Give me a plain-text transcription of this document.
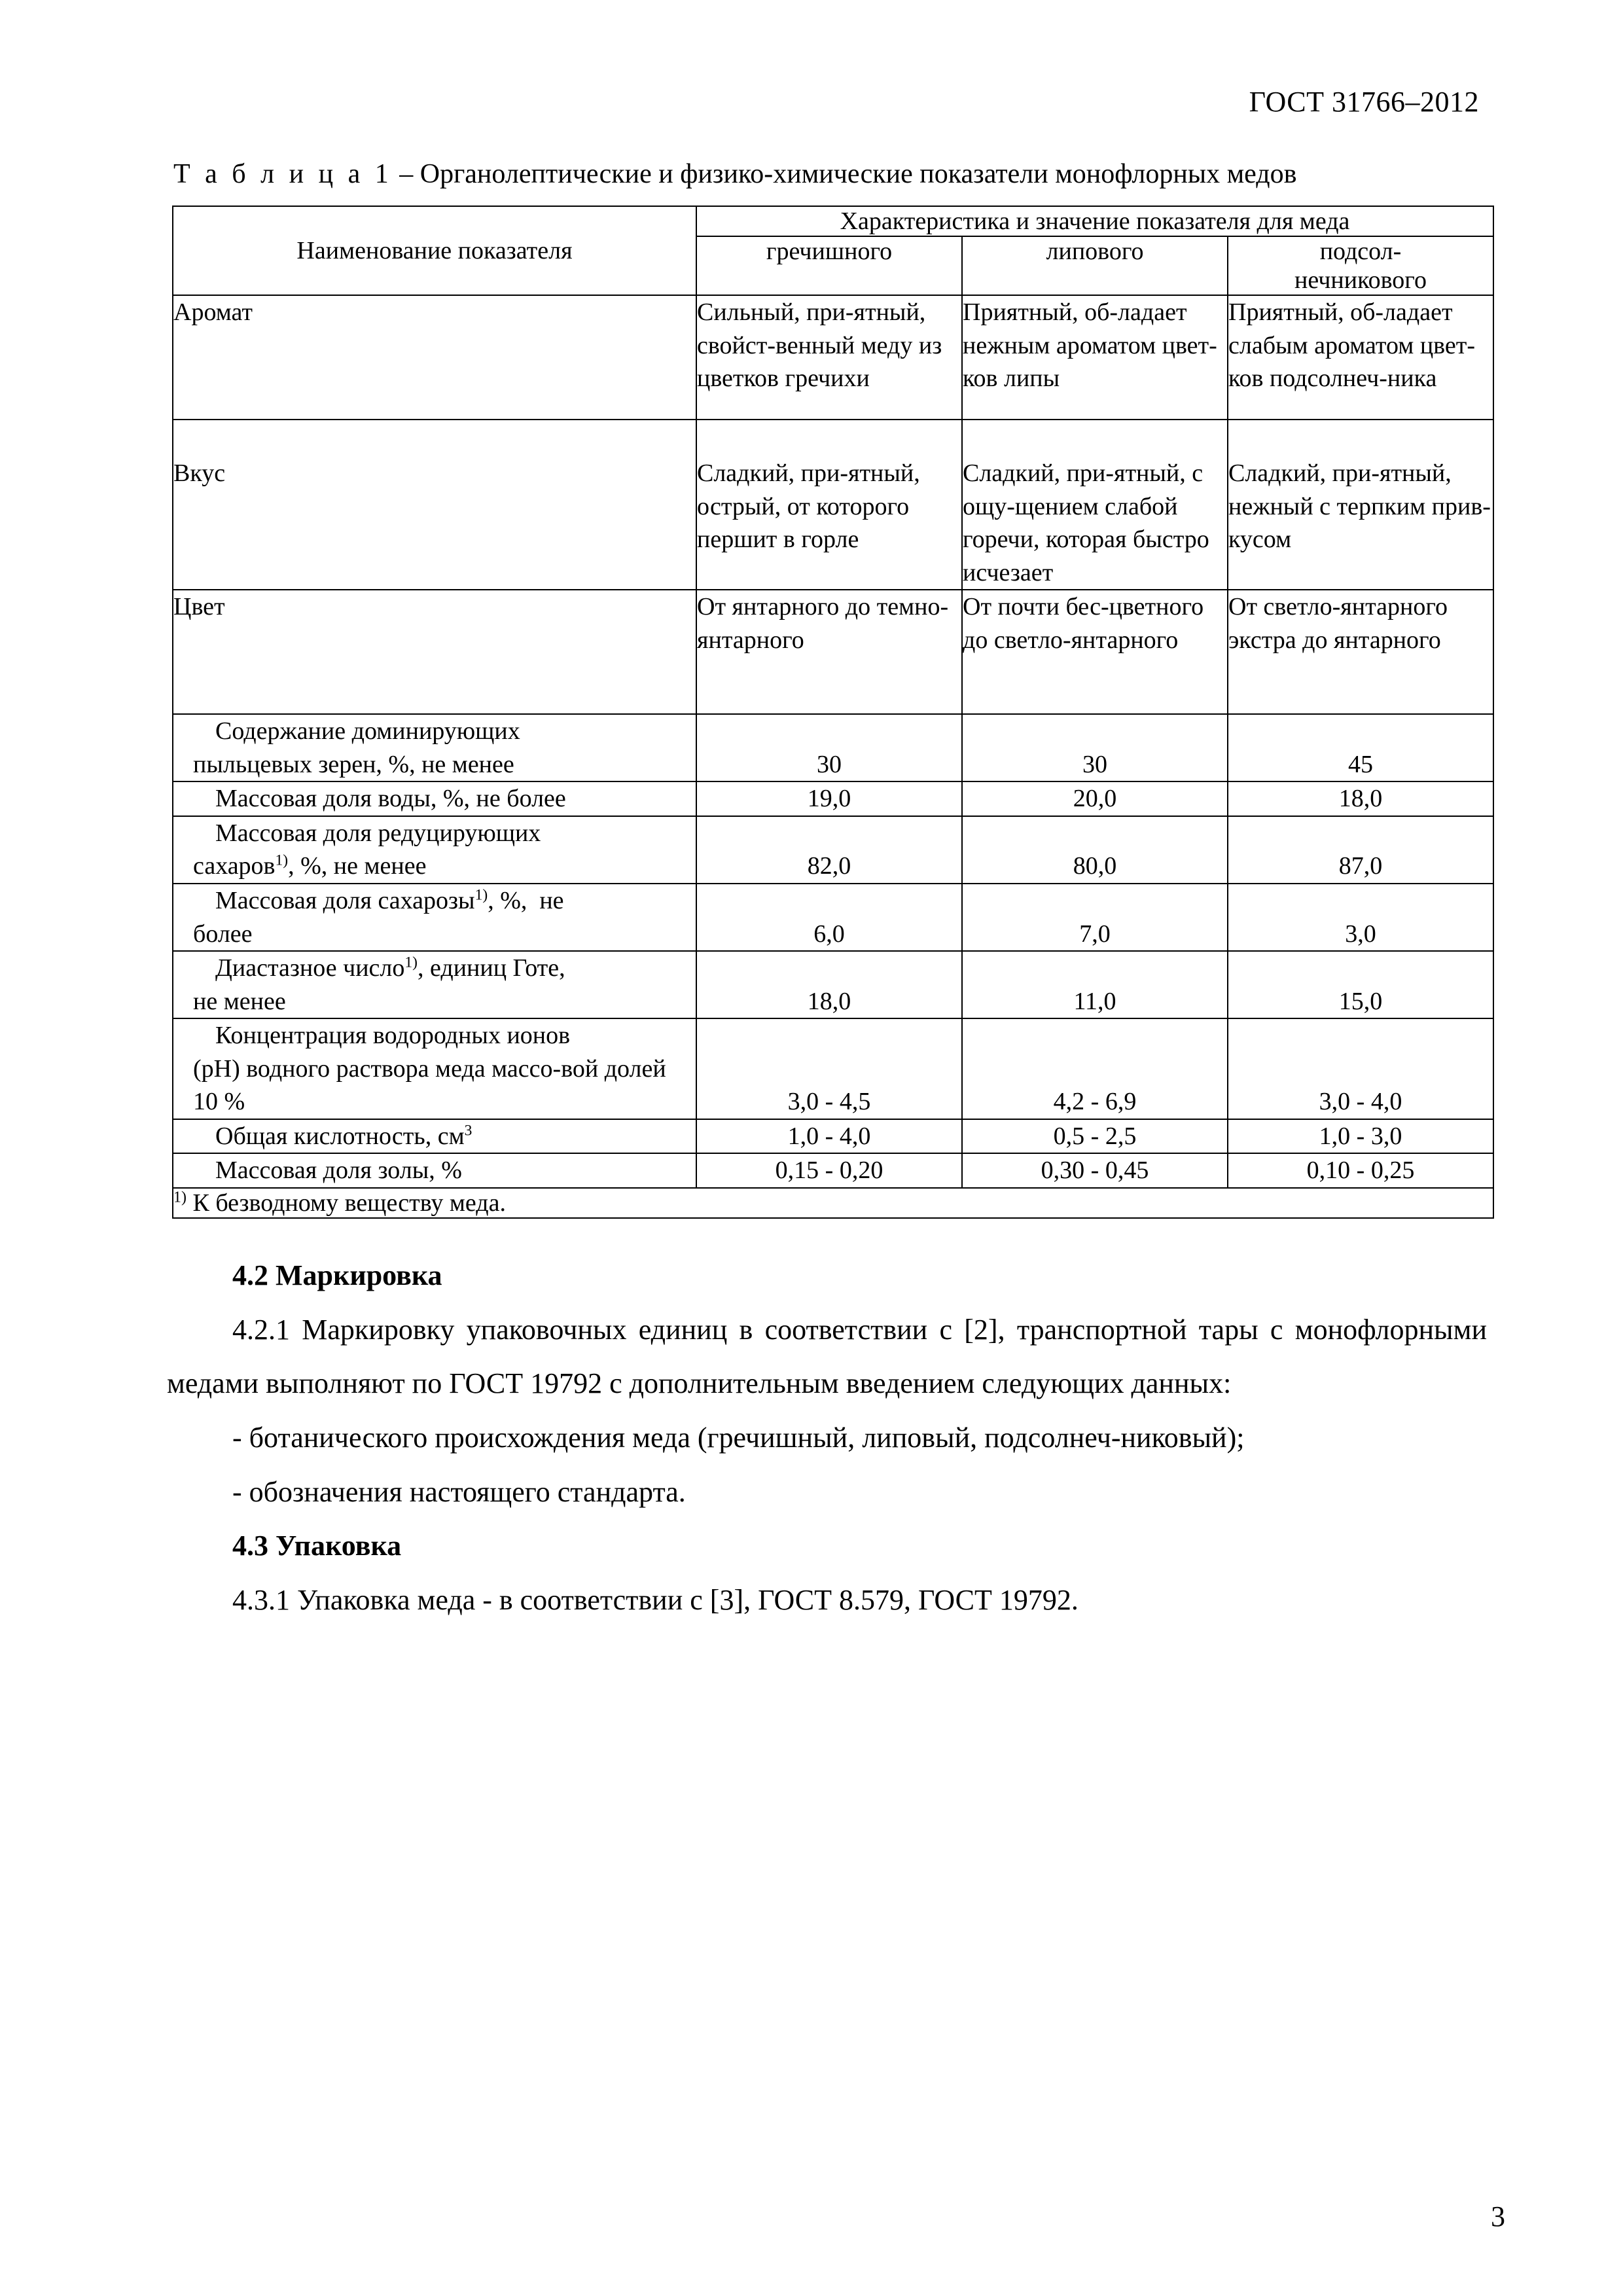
ГОСТ 31766–2012
Т а б л и ц а 1 – Органолептические и физико-химические показатели монофлорных медов
Наименование показателя	Характеристика и значение показателя для меда		
	гречишного	липового	подсол-
нечникового

Аромат	Сильный, при-ятный, свойст-венный меду из цветков гречихи	Приятный, об-ладает нежным ароматом цвет-ков липы	Приятный, об-ладает слабым ароматом цвет-ков подсолнеч-ника
Вкус	Сладкий, при-ятный, острый, от которого першит в горле	Сладкий, при-ятный, с ощу-щением слабой горечи, которая быстро исчезает	Сладкий, при-ятный, нежный с терпким прив-кусом
Цвет	От янтарного до темно-янтарного	От почти бес-цветного до светло-янтарного	От светло-янтарного экстра до янтарного

Содержание доминирующих
пыльцевых зерен, %, не менее	30	30	45

Массовая доля воды, %, не более	19,0	20,0	18,0

Массовая доля редуцирующих
сахаров$^{1)}$, %, не менее	82,0	80,0	87,0

Массовая доля сахарозы$^{1)}$, %,  не
более	6,0	7,0	3,0

Диастазное число$^{1)}$, единиц Готе,
не менее	18,0	11,0	15,0

Концентрация водородных ионов
(рН) водного раствора меда массо-вой долей 10 %	3,0 - 4,5	4,2 - 6,9	3,0 - 4,0

Общая кислотность, $см^3$	1,0 - 4,0	0,5 - 2,5	1,0 - 3,0

Массовая доля золы, %	0,15 - 0,20	0,30 - 0,45	0,10 - 0,25
$^{1)}$ К безводному веществу меда.			

4.2 Маркировка

4.2.1 Маркировку упаковочных единиц в соответствии с [2], транспортной тары с монофлорными медами выполняют по ГОСТ 19792 с дополнительным введением следующих данных:

- ботанического происхождения меда (гречишный, липовый, подсолнеч-никовый);

- обозначения настоящего стандарта.

4.3 Упаковка

4.3.1 Упаковка меда - в соответствии с [3], ГОСТ 8.579, ГОСТ 19792.

3
